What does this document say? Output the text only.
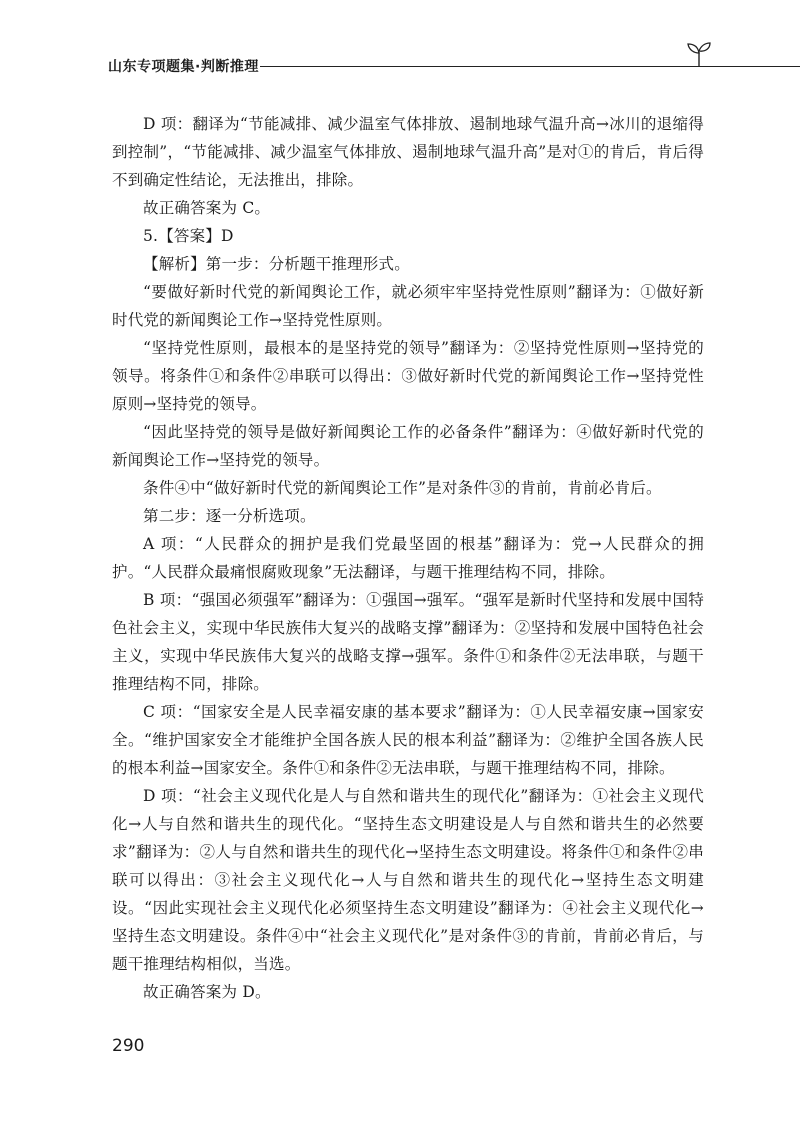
山东专项题集·判断推理

D 项：翻译为“节能减排、减少温室气体排放、遏制地球气温升高→冰川的退缩得到控制”，“节能减排、减少温室气体排放、遏制地球气温升高”是对①的肯后，肯后得不到确定性结论，无法推出，排除。

故正确答案为 C。

5.【答案】D

【解析】第一步：分析题干推理形式。

“要做好新时代党的新闻舆论工作，就必须牢牢坚持党性原则”翻译为：①做好新时代党的新闻舆论工作→坚持党性原则。

“坚持党性原则，最根本的是坚持党的领导”翻译为：②坚持党性原则→坚持党的领导。将条件①和条件②串联可以得出：③做好新时代党的新闻舆论工作→坚持党性原则→坚持党的领导。

“因此坚持党的领导是做好新闻舆论工作的必备条件”翻译为：④做好新时代党的新闻舆论工作→坚持党的领导。

条件④中“做好新时代党的新闻舆论工作”是对条件③的肯前，肯前必肯后。

第二步：逐一分析选项。

A 项：“人民群众的拥护是我们党最坚固的根基”翻译为：党→人民群众的拥护。“人民群众最痛恨腐败现象”无法翻译，与题干推理结构不同，排除。

B 项：“强国必须强军”翻译为：①强国→强军。“强军是新时代坚持和发展中国特色社会主义，实现中华民族伟大复兴的战略支撑”翻译为：②坚持和发展中国特色社会主义，实现中华民族伟大复兴的战略支撑→强军。条件①和条件②无法串联，与题干推理结构不同，排除。

C 项：“国家安全是人民幸福安康的基本要求”翻译为：①人民幸福安康→国家安全。“维护国家安全才能维护全国各族人民的根本利益”翻译为：②维护全国各族人民的根本利益→国家安全。条件①和条件②无法串联，与题干推理结构不同，排除。

D 项：“社会主义现代化是人与自然和谐共生的现代化”翻译为：①社会主义现代化→人与自然和谐共生的现代化。“坚持生态文明建设是人与自然和谐共生的必然要求”翻译为：②人与自然和谐共生的现代化→坚持生态文明建设。将条件①和条件②串联可以得出：③社会主义现代化→人与自然和谐共生的现代化→坚持生态文明建设。“因此实现社会主义现代化必须坚持生态文明建设”翻译为：④社会主义现代化→坚持生态文明建设。条件④中“社会主义现代化”是对条件③的肯前，肯前必肯后，与题干推理结构相似，当选。

故正确答案为 D。

290
